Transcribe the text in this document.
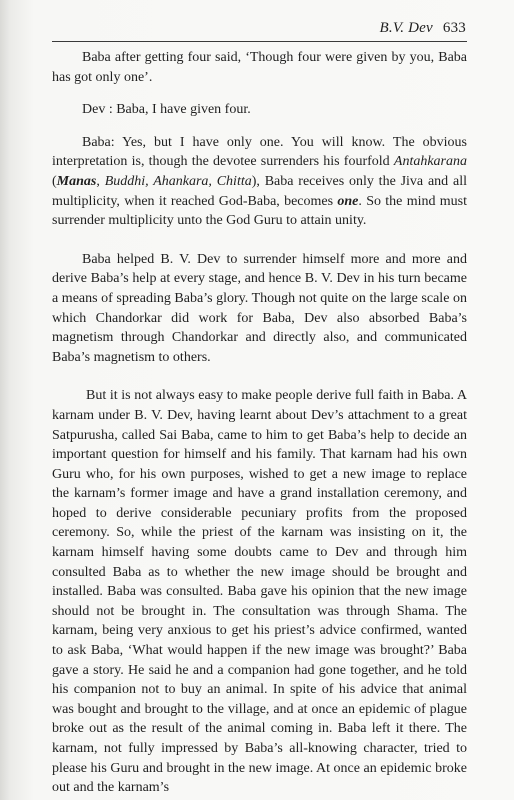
B.V. Dev 633

Baba after getting four said, ‘Though four were given by you, Baba has got only one’.

Dev : Baba, I have given four.

Baba: Yes, but I have only one. You will know. The obvious interpretation is, though the devotee surrenders his fourfold Antahkarana (Manas, Buddhi, Ahankara, Chitta), Baba receives only the Jiva and all multiplicity, when it reached God-Baba, becomes one. So the mind must surrender multiplicity unto the God Guru to attain unity.

Baba helped B. V. Dev to surrender himself more and more and derive Baba’s help at every stage, and hence B. V. Dev in his turn became a means of spreading Baba’s glory. Though not quite on the large scale on which Chandorkar did work for Baba, Dev also absorbed Baba’s magnetism through Chandorkar and directly also, and communicated Baba’s magnetism to others.

But it is not always easy to make people derive full faith in Baba. A karnam under B. V. Dev, having learnt about Dev’s attachment to a great Satpurusha, called Sai Baba, came to him to get Baba’s help to decide an important question for himself and his family. That karnam had his own Guru who, for his own purposes, wished to get a new image to replace the karnam’s former image and have a grand installation ceremony, and hoped to derive considerable pecuniary profits from the proposed ceremony. So, while the priest of the karnam was insisting on it, the karnam himself having some doubts came to Dev and through him consulted Baba as to whether the new image should be brought and installed. Baba was consulted. Baba gave his opinion that the new image should not be brought in. The consultation was through Shama. The karnam, being very anxious to get his priest’s advice confirmed, wanted to ask Baba, ‘What would happen if the new image was brought?’ Baba gave a story. He said he and a companion had gone together, and he told his companion not to buy an animal. In spite of his advice that animal was bought and brought to the village, and at once an epidemic of plague broke out as the result of the animal coming in. Baba left it there. The karnam, not fully impressed by Baba’s all-knowing character, tried to please his Guru and brought in the new image. At once an epidemic broke out and the karnam’s
